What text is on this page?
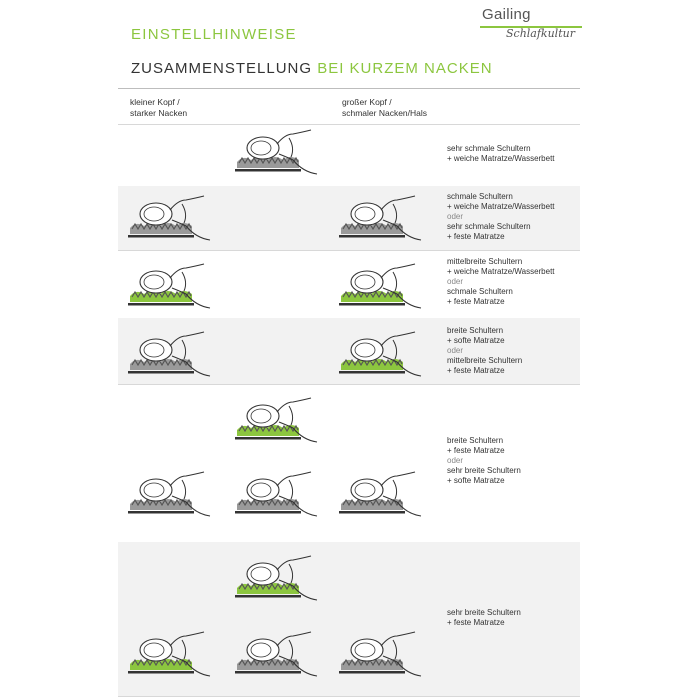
Gailing
Schlafkultur
EINSTELLHINWEISE
ZUSAMMENSTELLUNG BEI KURZEM NACKEN
kleiner Kopf /
starker Nacken
großer Kopf /
schmaler Nacken/Hals
sehr schmale Schultern
+ weiche Matratze/Wasserbett
schmale Schultern
+ weiche Matratze/Wasserbett
oder
sehr schmale Schultern
+ feste Matratze
mittelbreite Schultern
+ weiche Matratze/Wasserbett
oder
schmale Schultern
+ feste Matratze
breite Schultern
+ softe Matratze
oder
mittelbreite Schultern
+ feste Matratze
breite Schultern
+ feste Matratze
oder
sehr breite Schultern
+ softe Matratze
sehr breite Schultern
+ feste Matratze
